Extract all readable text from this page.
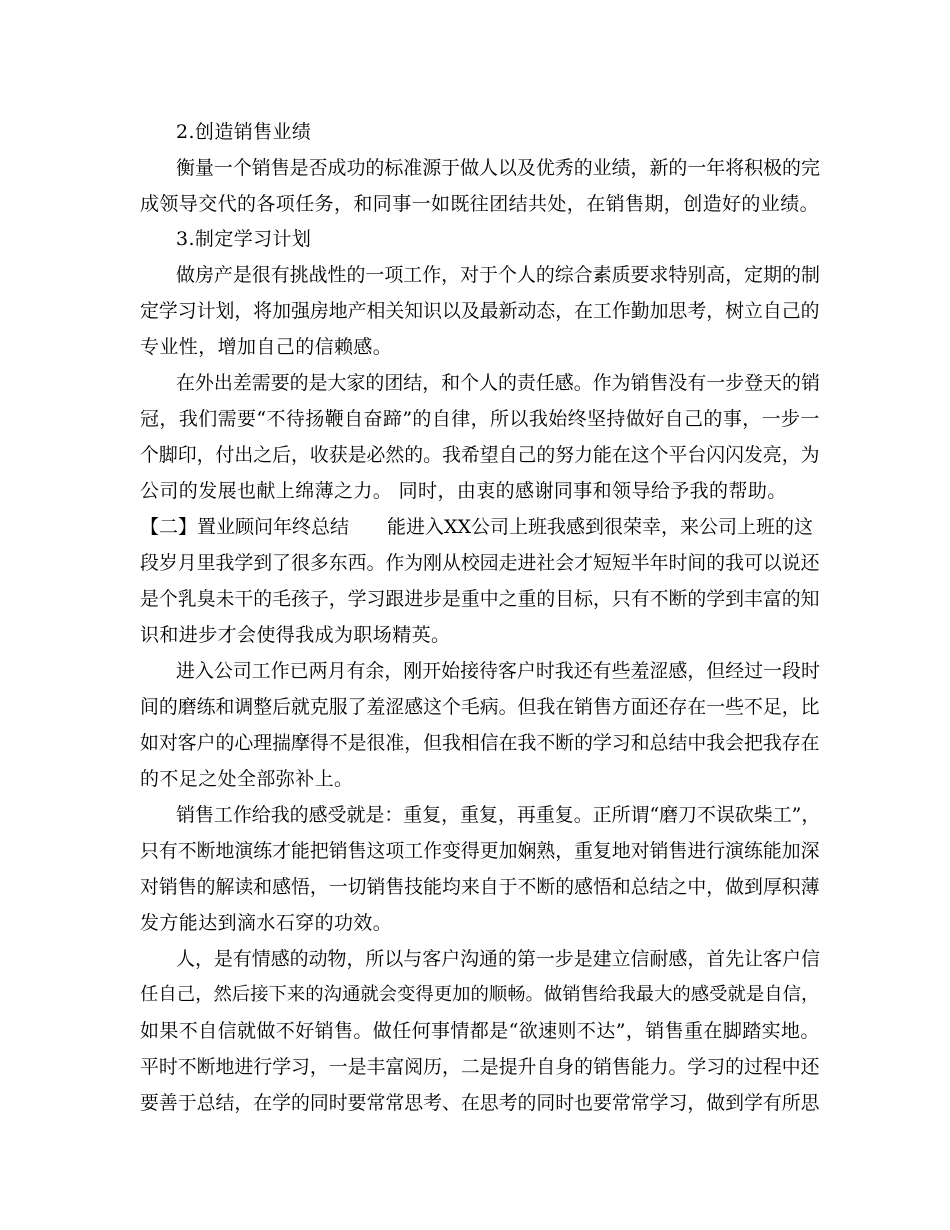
2.创造销售业绩
衡量一个销售是否成功的标准源于做人以及优秀的业绩，新的一年将积极的完
成领导交代的各项任务，和同事一如既往团结共处，在销售期，创造好的业绩。
3.制定学习计划
做房产是很有挑战性的一项工作，对于个人的综合素质要求特别高，定期的制
定学习计划，将加强房地产相关知识以及最新动态，在工作勤加思考，树立自己的
专业性，增加自己的信赖感。
在外出差需要的是大家的团结，和个人的责任感。作为销售没有一步登天的销
冠，我们需要“不待扬鞭自奋蹄”的自律，所以我始终坚持做好自己的事，一步一
个脚印，付出之后，收获是必然的。我希望自己的努力能在这个平台闪闪发亮，为
公司的发展也献上绵薄之力。 同时，由衷的感谢同事和领导给予我的帮助。
【二】置业顾问年终总结　　能进入XX公司上班我感到很荣幸，来公司上班的这
段岁月里我学到了很多东西。作为刚从校园走进社会才短短半年时间的我可以说还
是个乳臭未干的毛孩子，学习跟进步是重中之重的目标，只有不断的学到丰富的知
识和进步才会使得我成为职场精英。
进入公司工作已两月有余，刚开始接待客户时我还有些羞涩感，但经过一段时
间的磨练和调整后就克服了羞涩感这个毛病。但我在销售方面还存在一些不足，比
如对客户的心理揣摩得不是很准，但我相信在我不断的学习和总结中我会把我存在
的不足之处全部弥补上。
销售工作给我的感受就是：重复，重复，再重复。正所谓“磨刀不误砍柴工”，
只有不断地演练才能把销售这项工作变得更加娴熟，重复地对销售进行演练能加深
对销售的解读和感悟，一切销售技能均来自于不断的感悟和总结之中，做到厚积薄
发方能达到滴水石穿的功效。
人，是有情感的动物，所以与客户沟通的第一步是建立信耐感，首先让客户信
任自己，然后接下来的沟通就会变得更加的顺畅。做销售给我最大的感受就是自信，
如果不自信就做不好销售。做任何事情都是“欲速则不达”，销售重在脚踏实地。
平时不断地进行学习，一是丰富阅历，二是提升自身的销售能力。学习的过程中还
要善于总结，在学的同时要常常思考、在思考的同时也要常常学习，做到学有所思
